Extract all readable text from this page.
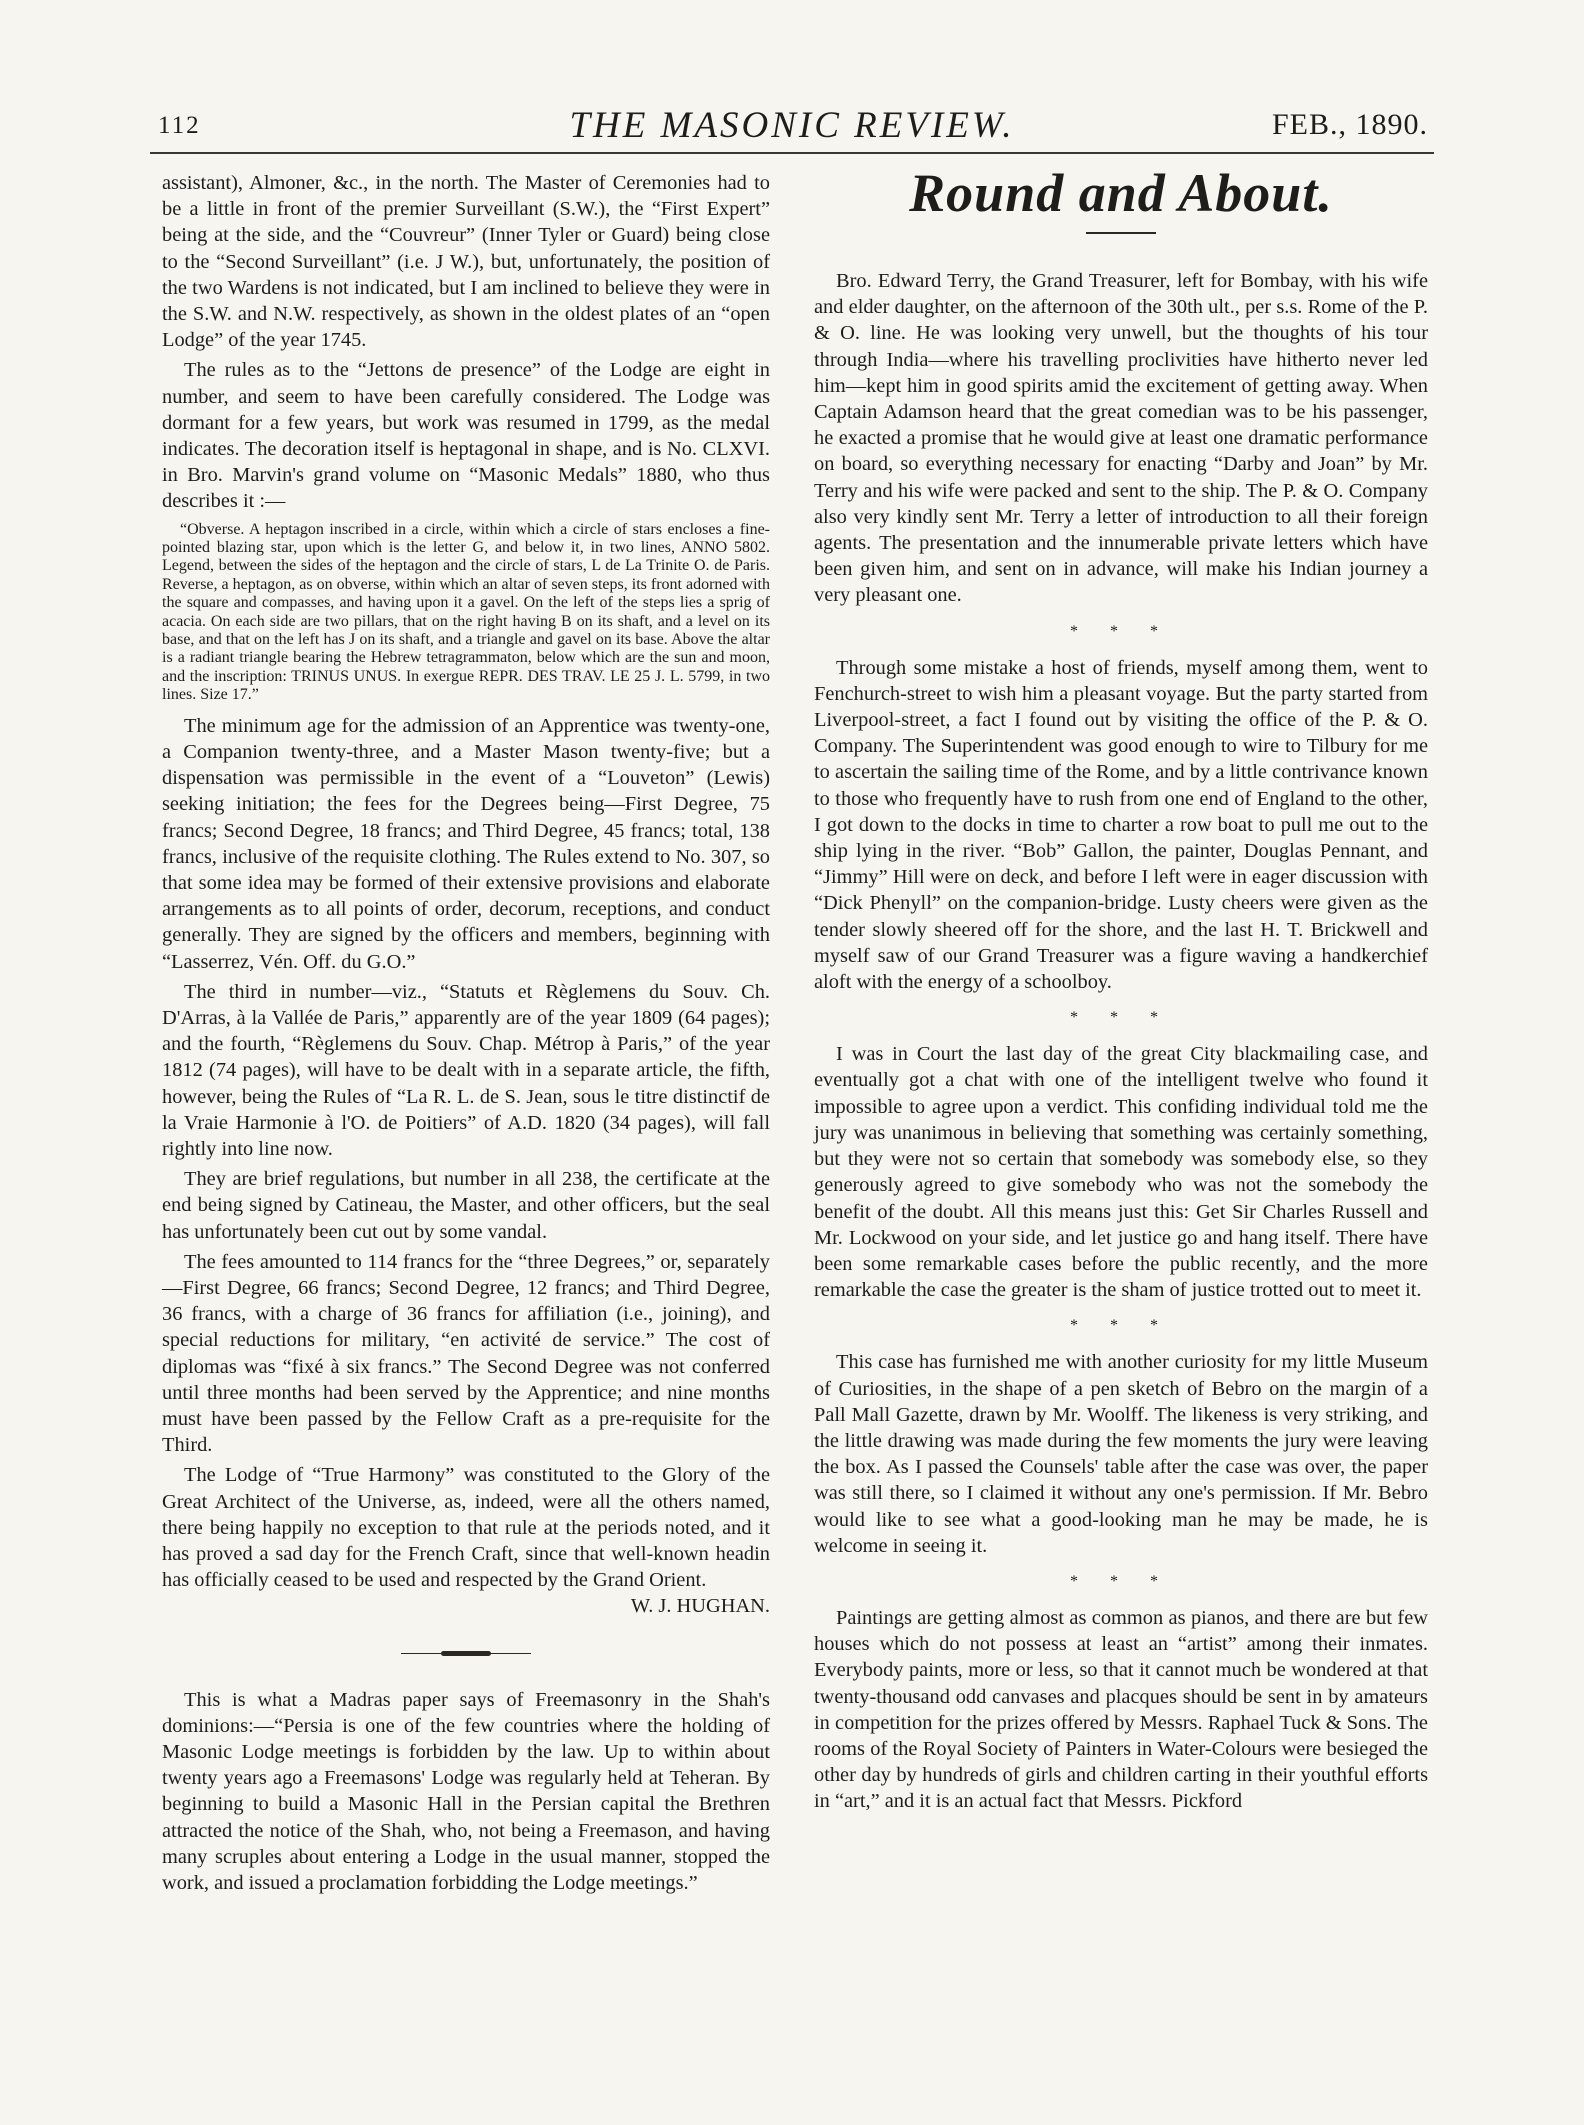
112	THE MASONIC REVIEW.	FEB., 1890.

assistant), Almoner, &c., in the north. The Master of Ceremonies had to be a little in front of the premier Surveillant (S.W.), the “First Expert” being at the side, and the “Couvreur” (Inner Tyler or Guard) being close to the “Second Surveillant” (i.e. J W.), but, unfortunately, the position of the two Wardens is not indicated, but I am inclined to believe they were in the S.W. and N.W. respectively, as shown in the oldest plates of an “open Lodge” of the year 1745.

The rules as to the “Jettons de presence” of the Lodge are eight in number, and seem to have been carefully considered. The Lodge was dormant for a few years, but work was resumed in 1799, as the medal indicates. The decoration itself is heptagonal in shape, and is No. CLXVI. in Bro. Marvin's grand volume on “Masonic Medals” 1880, who thus describes it :—

“Obverse. A heptagon inscribed in a circle, within which a circle of stars encloses a fine-pointed blazing star, upon which is the letter G, and below it, in two lines, ANNO 5802. Legend, between the sides of the heptagon and the circle of stars, L de La Trinite O. de Paris. Reverse, a heptagon, as on obverse, within which an altar of seven steps, its front adorned with the square and compasses, and having upon it a gavel. On the left of the steps lies a sprig of acacia. On each side are two pillars, that on the right having B on its shaft, and a level on its base, and that on the left has J on its shaft, and a triangle and gavel on its base. Above the altar is a radiant triangle bearing the Hebrew tetragrammaton, below which are the sun and moon, and the inscription: TRINUS UNUS. In exergue REPR. DES TRAV. LE 25 J. L. 5799, in two lines. Size 17.”

The minimum age for the admission of an Apprentice was twenty-one, a Companion twenty-three, and a Master Mason twenty-five; but a dispensation was permissible in the event of a “Louveton” (Lewis) seeking initiation; the fees for the Degrees being—First Degree, 75 francs; Second Degree, 18 francs; and Third Degree, 45 francs; total, 138 francs, inclusive of the requisite clothing. The Rules extend to No. 307, so that some idea may be formed of their extensive provisions and elaborate arrangements as to all points of order, decorum, receptions, and conduct generally. They are signed by the officers and members, beginning with “Lasserrez, Vén. Off. du G.O.”

The third in number—viz., “Statuts et Règlemens du Souv. Ch. D'Arras, à la Vallée de Paris,” apparently are of the year 1809 (64 pages); and the fourth, “Règlemens du Souv. Chap. Métrop à Paris,” of the year 1812 (74 pages), will have to be dealt with in a separate article, the fifth, however, being the Rules of “La R. L. de S. Jean, sous le titre distinctif de la Vraie Harmonie à l'O. de Poitiers” of A.D. 1820 (34 pages), will fall rightly into line now.

They are brief regulations, but number in all 238, the certificate at the end being signed by Catineau, the Master, and other officers, but the seal has unfortunately been cut out by some vandal.

The fees amounted to 114 francs for the “three Degrees,” or, separately—First Degree, 66 francs; Second Degree, 12 francs; and Third Degree, 36 francs, with a charge of 36 francs for affiliation (i.e., joining), and special reductions for military, “en activité de service.” The cost of diplomas was “fixé à six francs.” The Second Degree was not conferred until three months had been served by the Apprentice; and nine months must have been passed by the Fellow Craft as a pre-requisite for the Third.

The Lodge of “True Harmony” was constituted to the Glory of the Great Architect of the Universe, as, indeed, were all the others named, there being happily no exception to that rule at the periods noted, and it has proved a sad day for the French Craft, since that well-known headin has officially ceased to be used and respected by the Grand Orient.

W. J. HUGHAN.

This is what a Madras paper says of Freemasonry in the Shah's dominions:—“Persia is one of the few countries where the holding of Masonic Lodge meetings is forbidden by the law. Up to within about twenty years ago a Freemasons' Lodge was regularly held at Teheran. By beginning to build a Masonic Hall in the Persian capital the Brethren attracted the notice of the Shah, who, not being a Freemason, and having many scruples about entering a Lodge in the usual manner, stopped the work, and issued a proclamation forbidding the Lodge meetings.”

Round and About.

Bro. Edward Terry, the Grand Treasurer, left for Bombay, with his wife and elder daughter, on the afternoon of the 30th ult., per s.s. Rome of the P. & O. line. He was looking very unwell, but the thoughts of his tour through India—where his travelling proclivities have hitherto never led him—kept him in good spirits amid the excitement of getting away. When Captain Adamson heard that the great comedian was to be his passenger, he exacted a promise that he would give at least one dramatic performance on board, so everything necessary for enacting “Darby and Joan” by Mr. Terry and his wife were packed and sent to the ship. The P. & O. Company also very kindly sent Mr. Terry a letter of introduction to all their foreign agents. The presentation and the innumerable private letters which have been given him, and sent on in advance, will make his Indian journey a very pleasant one.

* * *

Through some mistake a host of friends, myself among them, went to Fenchurch-street to wish him a pleasant voyage. But the party started from Liverpool-street, a fact I found out by visiting the office of the P. & O. Company. The Superintendent was good enough to wire to Tilbury for me to ascertain the sailing time of the Rome, and by a little contrivance known to those who frequently have to rush from one end of England to the other, I got down to the docks in time to charter a row boat to pull me out to the ship lying in the river. “Bob” Gallon, the painter, Douglas Pennant, and “Jimmy” Hill were on deck, and before I left were in eager discussion with “Dick Phenyll” on the companion-bridge. Lusty cheers were given as the tender slowly sheered off for the shore, and the last H. T. Brickwell and myself saw of our Grand Treasurer was a figure waving a handkerchief aloft with the energy of a schoolboy.

* * *

I was in Court the last day of the great City blackmailing case, and eventually got a chat with one of the intelligent twelve who found it impossible to agree upon a verdict. This confiding individual told me the jury was unanimous in believing that something was certainly something, but they were not so certain that somebody was somebody else, so they generously agreed to give somebody who was not the somebody the benefit of the doubt. All this means just this: Get Sir Charles Russell and Mr. Lockwood on your side, and let justice go and hang itself. There have been some remarkable cases before the public recently, and the more remarkable the case the greater is the sham of justice trotted out to meet it.

* * *

This case has furnished me with another curiosity for my little Museum of Curiosities, in the shape of a pen sketch of Bebro on the margin of a Pall Mall Gazette, drawn by Mr. Woolff. The likeness is very striking, and the little drawing was made during the few moments the jury were leaving the box. As I passed the Counsels' table after the case was over, the paper was still there, so I claimed it without any one's permission. If Mr. Bebro would like to see what a good-looking man he may be made, he is welcome in seeing it.

* * *

Paintings are getting almost as common as pianos, and there are but few houses which do not possess at least an “artist” among their inmates. Everybody paints, more or less, so that it cannot much be wondered at that twenty-thousand odd canvases and placques should be sent in by amateurs in competition for the prizes offered by Messrs. Raphael Tuck & Sons. The rooms of the Royal Society of Painters in Water-Colours were besieged the other day by hundreds of girls and children carting in their youthful efforts in “art,” and it is an actual fact that Messrs. Pickford
